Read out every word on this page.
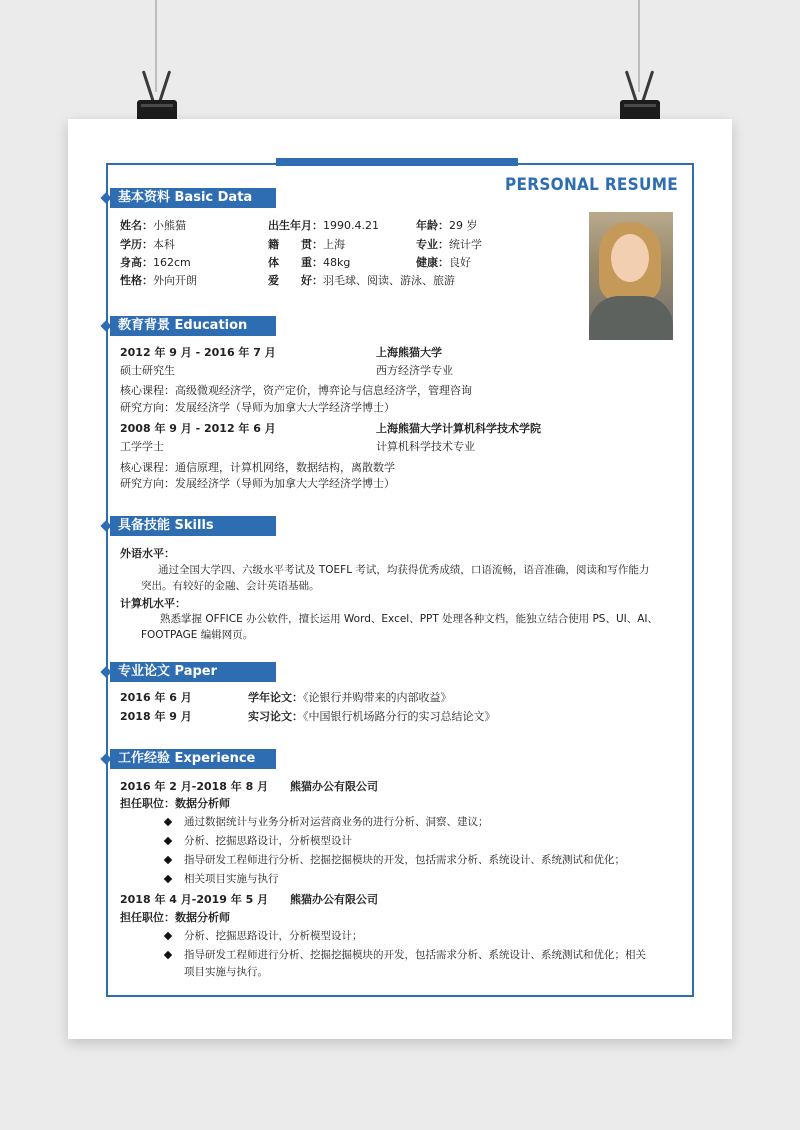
PERSONAL RESUME
基本资料 Basic Data
姓名：小熊猫	出生年月：1990.4.21	年龄：29 岁
学历：本科	籍　　贯：上海	专业：统计学
身高：162cm	体　　重：48kg	健康：良好
性格：外向开朗	爱　　好：羽毛球、阅读、游泳、旅游
教育背景 Education
2012 年 9 月 - 2016 年 7 月	上海熊猫大学
硕士研究生	西方经济学专业
核心课程：高级微观经济学，资产定价，博弈论与信息经济学，管理咨询
研究方向：发展经济学（导师为加拿大大学经济学博士）
2008 年 9 月 - 2012 年 6 月	上海熊猫大学计算机科学技术学院
工学学士	计算机科学技术专业
核心课程：通信原理，计算机网络，数据结构，离散数学
研究方向：发展经济学（导师为加拿大大学经济学博士）
具备技能 Skills
外语水平：
通过全国大学四、六级水平考试及 TOEFL 考试，均获得优秀成绩，口语流畅，语音准确，阅读和写作能力
突出。有较好的金融、会计英语基础。
计算机水平：
熟悉掌握 OFFICE 办公软件，擅长运用 Word、Excel、PPT 处理各种文档，能独立结合使用 PS、UI、AI、
FOOTPAGE 编辑网页。
专业论文 Paper
2016 年 6 月	学年论文：《论银行并购带来的内部收益》
2018 年 9 月	实习论文：《中国银行机场路分行的实习总结论文》
工作经验 Experience
2016 年 2 月-2018 年 8 月 熊猫办公有限公司
担任职位：数据分析师
通过数据统计与业务分析对运营商业务的进行分析、洞察、建议；
分析、挖掘思路设计，分析模型设计
指导研发工程师进行分析、挖掘挖掘模块的开发，包括需求分析、系统设计、系统测试和优化；
相关项目实施与执行
2018 年 4 月-2019 年 5 月 熊猫办公有限公司
担任职位：数据分析师
分析、挖掘思路设计，分析模型设计；
指导研发工程师进行分析、挖掘挖掘模块的开发，包括需求分析、系统设计、系统测试和优化；相关
项目实施与执行。
